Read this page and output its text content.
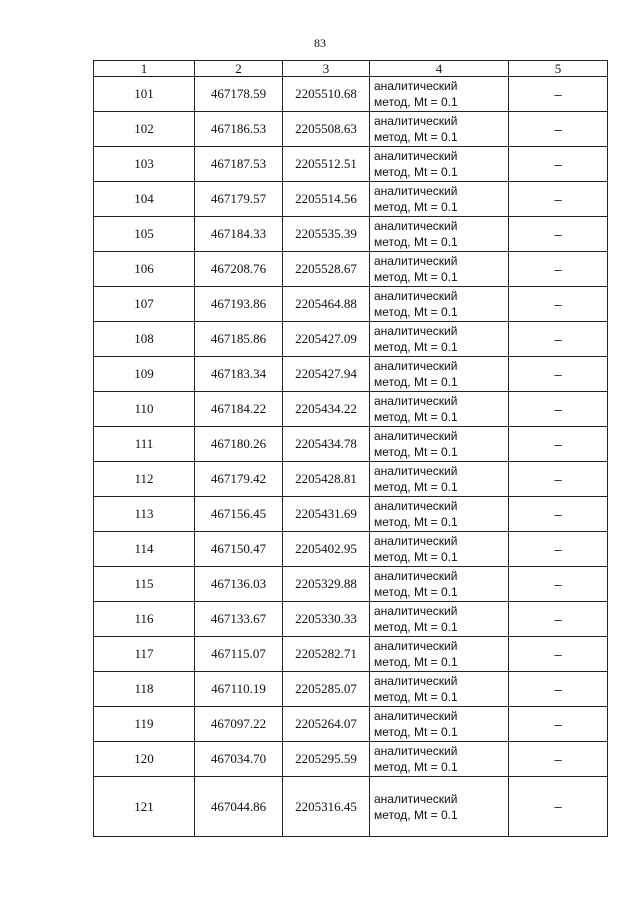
83
1	2	3	4	5
101	467178.59	2205510.68	аналитический
метод, Mt = 0.1	–
102	467186.53	2205508.63	аналитический
метод, Mt = 0.1	–
103	467187.53	2205512.51	аналитический
метод, Mt = 0.1	–
104	467179.57	2205514.56	аналитический
метод, Mt = 0.1	–
105	467184.33	2205535.39	аналитический
метод, Mt = 0.1	–
106	467208.76	2205528.67	аналитический
метод, Mt = 0.1	–
107	467193.86	2205464.88	аналитический
метод, Mt = 0.1	–
108	467185.86	2205427.09	аналитический
метод, Mt = 0.1	–
109	467183.34	2205427.94	аналитический
метод, Mt = 0.1	–
110	467184.22	2205434.22	аналитический
метод, Mt = 0.1	–
111	467180.26	2205434.78	аналитический
метод, Mt = 0.1	–
112	467179.42	2205428.81	аналитический
метод, Mt = 0.1	–
113	467156.45	2205431.69	аналитический
метод, Mt = 0.1	–
114	467150.47	2205402.95	аналитический
метод, Mt = 0.1	–
115	467136.03	2205329.88	аналитический
метод, Mt = 0.1	–
116	467133.67	2205330.33	аналитический
метод, Mt = 0.1	–
117	467115.07	2205282.71	аналитический
метод, Mt = 0.1	–
118	467110.19	2205285.07	аналитический
метод, Mt = 0.1	–
119	467097.22	2205264.07	аналитический
метод, Mt = 0.1	–
120	467034.70	2205295.59	аналитический
метод, Mt = 0.1	–
121	467044.86	2205316.45	аналитический
метод, Mt = 0.1	–
